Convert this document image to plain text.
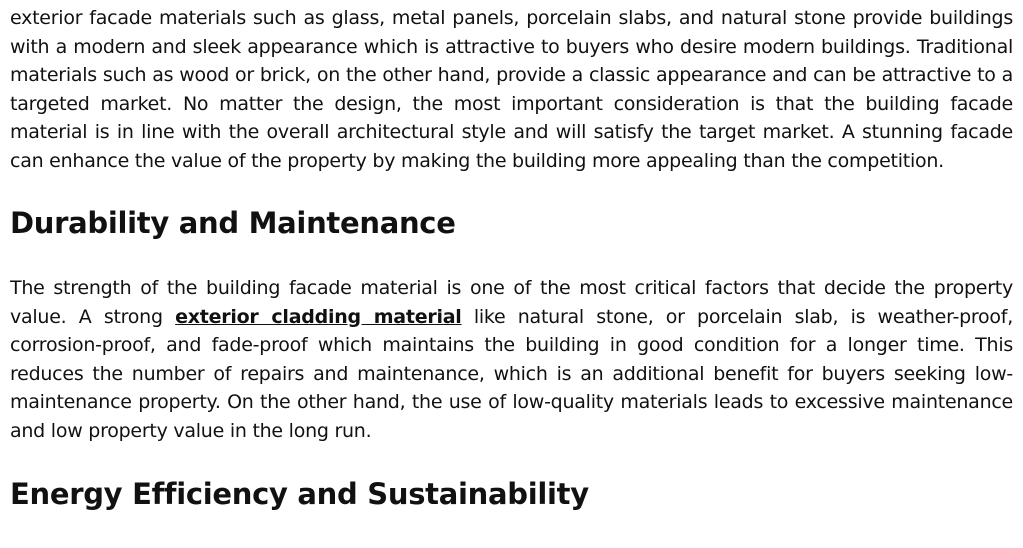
exterior facade materials such as glass, metal panels, porcelain slabs, and natural stone provide buildings with a modern and sleek appearance which is attractive to buyers who desire modern buildings. Traditional materials such as wood or brick, on the other hand, provide a classic appearance and can be attractive to a targeted market. No matter the design, the most important consideration is that the building facade material is in line with the overall architectural style and will satisfy the target market. A stunning facade can enhance the value of the property by making the building more appealing than the competition.

Durability and Maintenance

The strength of the building facade material is one of the most critical factors that decide the property value. A strong exterior cladding material like natural stone, or porcelain slab, is weather-proof, corrosion-proof, and fade-proof which maintains the building in good condition for a longer time. This reduces the number of repairs and maintenance, which is an additional benefit for buyers seeking low-maintenance property. On the other hand, the use of low-quality materials leads to excessive maintenance and low property value in the long run.

Energy Efficiency and Sustainability
